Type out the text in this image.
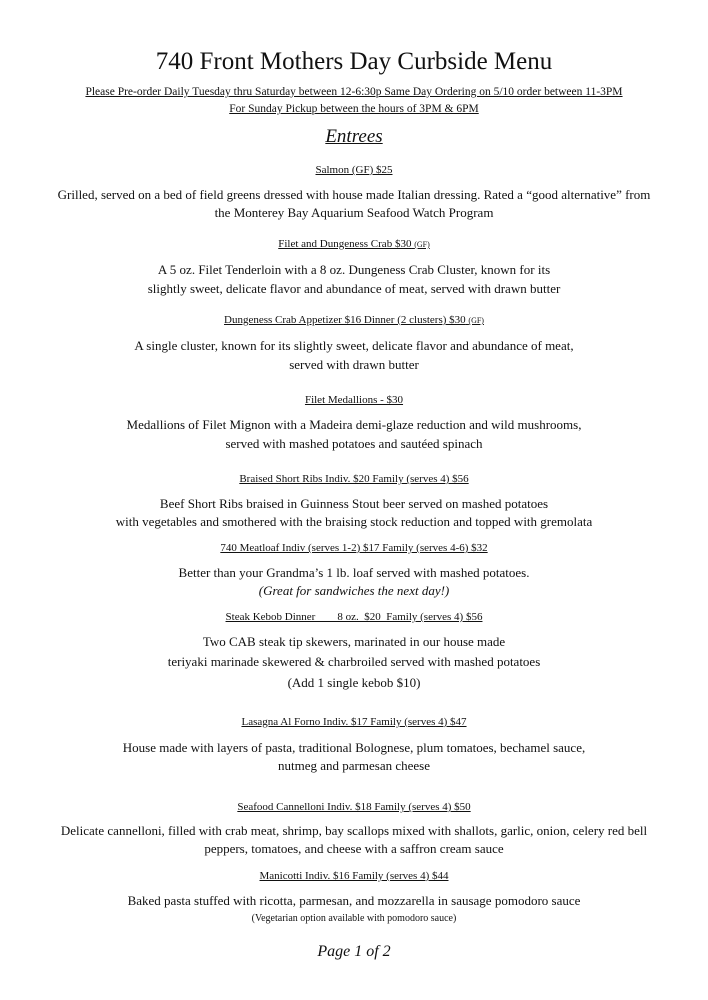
740 Front Mothers Day Curbside Menu
Please Pre-order Daily Tuesday thru Saturday between 12-6:30p Same Day Ordering on 5/10 order between 11-3PM
For Sunday Pickup between the hours of 3PM & 6PM
Entrees
Salmon (GF) $25
Grilled, served on a bed of field greens dressed with house made Italian dressing. Rated a “good alternative” from
the Monterey Bay Aquarium Seafood Watch Program
Filet and Dungeness Crab $30 (GF)
A 5 oz. Filet Tenderloin with a 8 oz. Dungeness Crab Cluster, known for its
slightly sweet, delicate flavor and abundance of meat, served with drawn butter
Dungeness Crab Appetizer $16 Dinner (2 clusters) $30 (GF)
A single cluster, known for its slightly sweet, delicate flavor and abundance of meat,
served with drawn butter
Filet Medallions - $30
Medallions of Filet Mignon with a Madeira demi-glaze reduction and wild mushrooms,
served with mashed potatoes and sautéed spinach
Braised Short Ribs Indiv. $20 Family (serves 4) $56
Beef Short Ribs braised in Guinness Stout beer served on mashed potatoes
with vegetables and smothered with the braising stock reduction and topped with gremolata
740 Meatloaf Indiv (serves 1-2) $17 Family (serves 4-6) $32
Better than your Grandma’s 1 lb. loaf served with mashed potatoes.
(Great for sandwiches the next day!)
Steak Kebob Dinner        8 oz.  $20  Family (serves 4) $56
Two CAB steak tip skewers, marinated in our house made
teriyaki marinade skewered & charbroiled served with mashed potatoes
(Add 1 single kebob $10)
Lasagna Al Forno Indiv. $17 Family (serves 4) $47
House made with layers of pasta, traditional Bolognese, plum tomatoes, bechamel sauce,
nutmeg and parmesan cheese
Seafood Cannelloni Indiv. $18 Family (serves 4) $50
Delicate cannelloni, filled with crab meat, shrimp, bay scallops mixed with shallots, garlic, onion, celery red bell
peppers, tomatoes, and cheese with a saffron cream sauce
Manicotti Indiv. $16 Family (serves 4) $44
Baked pasta stuffed with ricotta, parmesan, and mozzarella in sausage pomodoro sauce
(Vegetarian option available with pomodoro sauce)
Page 1 of 2
